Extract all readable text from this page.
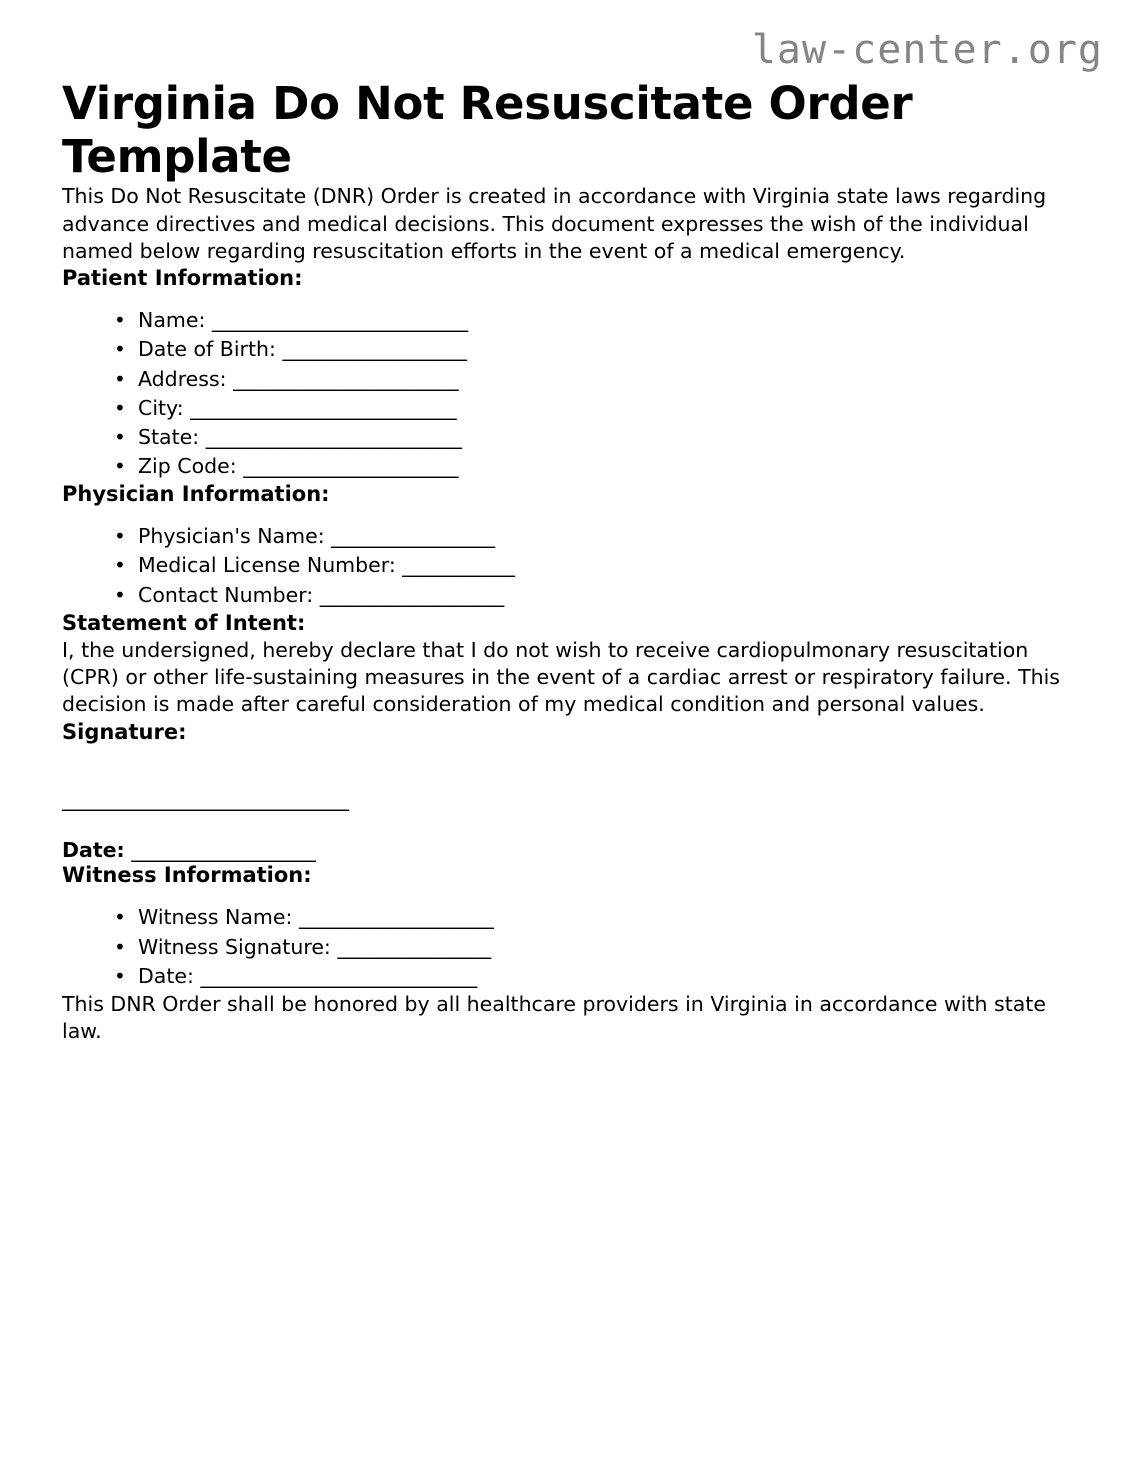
law-center.org
Virginia Do Not Resuscitate Order Template

This Do Not Resuscitate (DNR) Order is created in accordance with Virginia state laws regarding advance directives and medical decisions. This document expresses the wish of the individual named below regarding resuscitation efforts in the event of a medical emergency.

Patient Information:
• Name: _________________________
• Date of Birth: __________________
• Address: ______________________
• City: __________________________
• State: _________________________
• Zip Code: _____________________
Physician Information:
• Physician's Name: ________________
• Medical License Number: ___________
• Contact Number: __________________
Statement of Intent:

I, the undersigned, hereby declare that I do not wish to receive cardiopulmonary resuscitation (CPR) or other life-sustaining measures in the event of a cardiac arrest or respiratory failure. This decision is made after careful consideration of my medical condition and personal values.

Signature:
____________________________
Date: __________________
Witness Information:
• Witness Name: ___________________
• Witness Signature: _______________
• Date: ___________________________

This DNR Order shall be honored by all healthcare providers in Virginia in accordance with state law.
